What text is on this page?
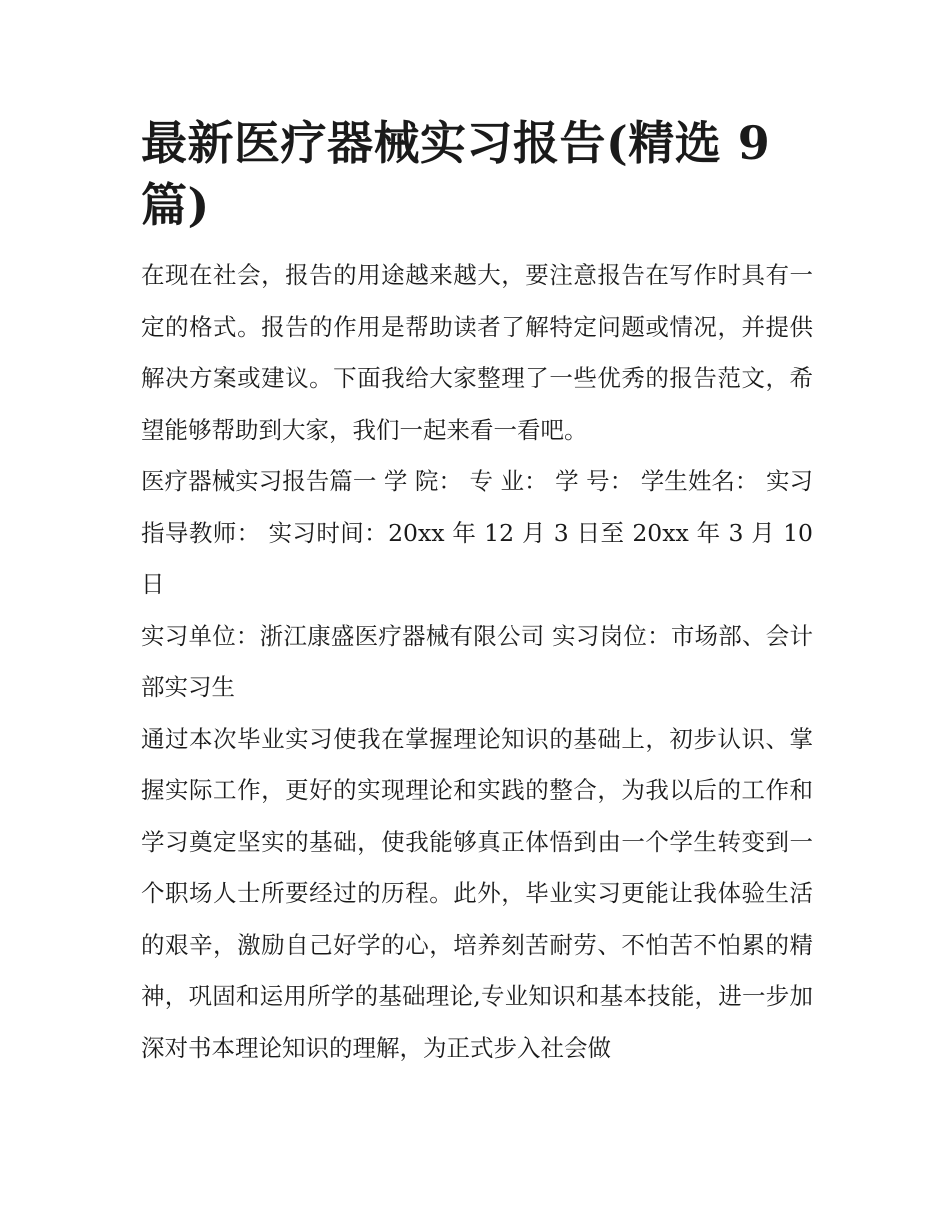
最新医疗器械实习报告(精选 9 篇)

在现在社会，报告的用途越来越大，要注意报告在写作时具有一定的格式。报告的作用是帮助读者了解特定问题或情况，并提供解决方案或建议。下面我给大家整理了一些优秀的报告范文，希望能够帮助到大家，我们一起来看一看吧。

医疗器械实习报告篇一 学 院： 专 业： 学 号： 学生姓名： 实习指导教师： 实习时间：20xx 年 12 月 3 日至 20xx 年 3 月 10 日

实习单位：浙江康盛医疗器械有限公司 实习岗位：市场部、会计部实习生

通过本次毕业实习使我在掌握理论知识的基础上，初步认识、掌握实际工作，更好的实现理论和实践的整合，为我以后的工作和学习奠定坚实的基础，使我能够真正体悟到由一个学生转变到一个职场人士所要经过的历程。此外，毕业实习更能让我体验生活的艰辛，激励自己好学的心，培养刻苦耐劳、不怕苦不怕累的精神，巩固和运用所学的基础理论,专业知识和基本技能，进一步加深对书本理论知识的理解，为正式步入社会做
